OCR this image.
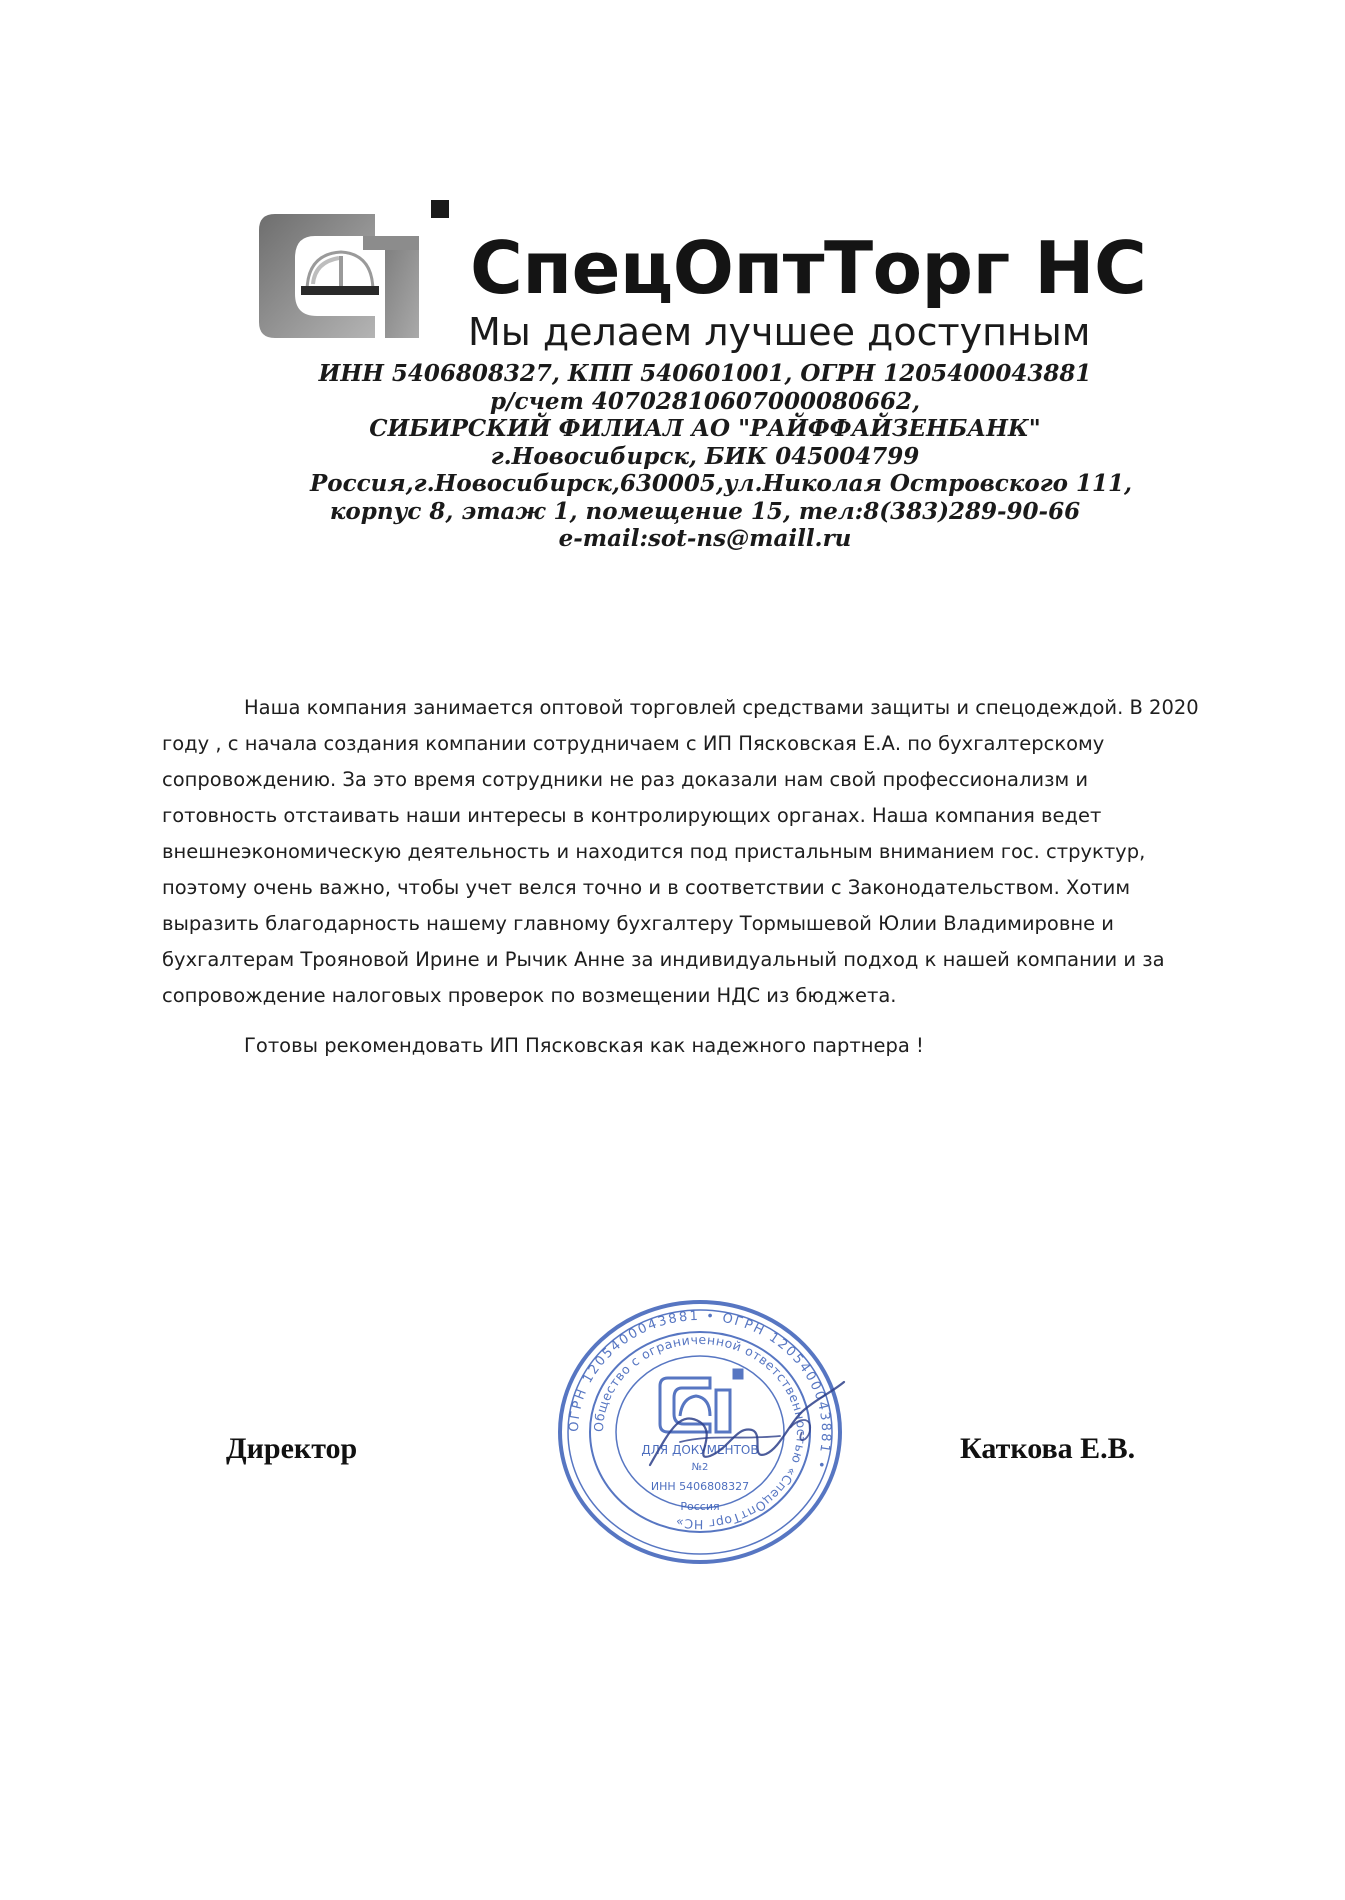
СпецОптТорг НС
Мы делаем лучшее доступным
ИНН 5406808327, КПП 540601001, ОГРН 1205400043881
р/счет 40702810607000080662,
СИБИРСКИЙ ФИЛИАЛ АО "РАЙФФАЙЗЕНБАНК"
г.Новосибирск, БИК 045004799
Россия,г.Новосибирск,630005,ул.Николая Островского 111,
корпус 8, этаж 1, помещение 15, тел:8(383)289-90-66
e-mail:sot-ns@maill.ru
Наша компания занимается оптовой торговлей средствами защиты и спецодеждой. В 2020
году , с начала создания компании сотрудничаем с ИП Пясковская Е.А. по бухгалтерскому
сопровождению. За это время сотрудники не раз доказали нам свой профессионализм и
готовность отстаивать наши интересы в контролирующих органах. Наша компания ведет
внешнеэкономическую деятельность и находится под пристальным вниманием гос. структур,
поэтому очень важно, чтобы учет велся точно и в соответствии с Законодательством. Хотим
выразить благодарность нашему главному бухгалтеру Тормышевой Юлии Владимировне и
бухгалтерам Трояновой Ирине и Рычик Анне за индивидуальный подход к нашей компании и за
сопровождение налоговых проверок по возмещении НДС из бюджета.
Готовы рекомендовать ИП Пясковская как надежного партнера !
Директор	Каткова Е.В.
ОГРН 1205400043881 • ОГРН 1205400043881 •
Общество с ограниченной ответственностью «СпецОптТорг НС»
ДЛЯ ДОКУМЕНТОВ
№2
ИНН 5406808327
Россия
